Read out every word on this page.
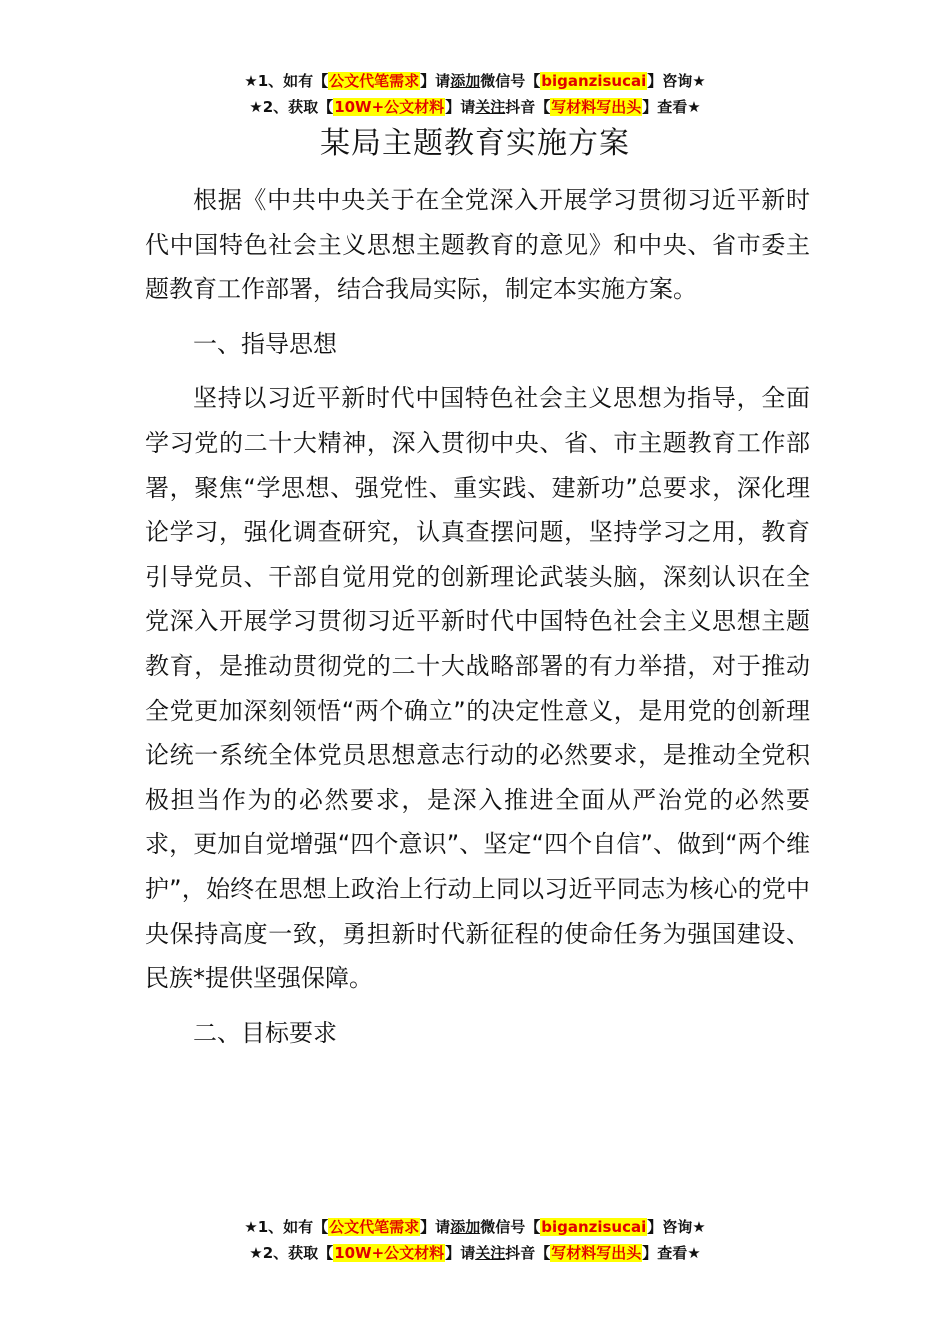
★1、如有【公文代笔需求】请添加微信号【biganzisucai】咨询★
★2、获取【10W+公文材料】请关注抖音【写材料写出头】查看★
某局主题教育实施方案

根据《中共中央关于在全党深入开展学习贯彻习近平新时代中国特色社会主义思想主题教育的意见》和中央、省市委主题教育工作部署，结合我局实际，制定本实施方案。

一、指导思想

坚持以习近平新时代中国特色社会主义思想为指导，全面学习党的二十大精神，深入贯彻中央、省、市主题教育工作部署，聚焦“学思想、强党性、重实践、建新功”总要求，深化理论学习，强化调查研究，认真查摆问题，坚持学习之用，教育引导党员、干部自觉用党的创新理论武装头脑，深刻认识在全党深入开展学习贯彻习近平新时代中国特色社会主义思想主题教育，是推动贯彻党的二十大战略部署的有力举措，对于推动全党更加深刻领悟“两个确立”的决定性意义，是用党的创新理论统一系统全体党员思想意志行动的必然要求，是推动全党积极担当作为的必然要求，是深入推进全面从严治党的必然要求，更加自觉增强“四个意识”、坚定“四个自信”、做到“两个维护”，始终在思想上政治上行动上同以习近平同志为核心的党中央保持高度一致，勇担新时代新征程的使命任务为强国建设、民族*提供坚强保障。

二、目标要求

★1、如有【公文代笔需求】请添加微信号【biganzisucai】咨询★
★2、获取【10W+公文材料】请关注抖音【写材料写出头】查看★
